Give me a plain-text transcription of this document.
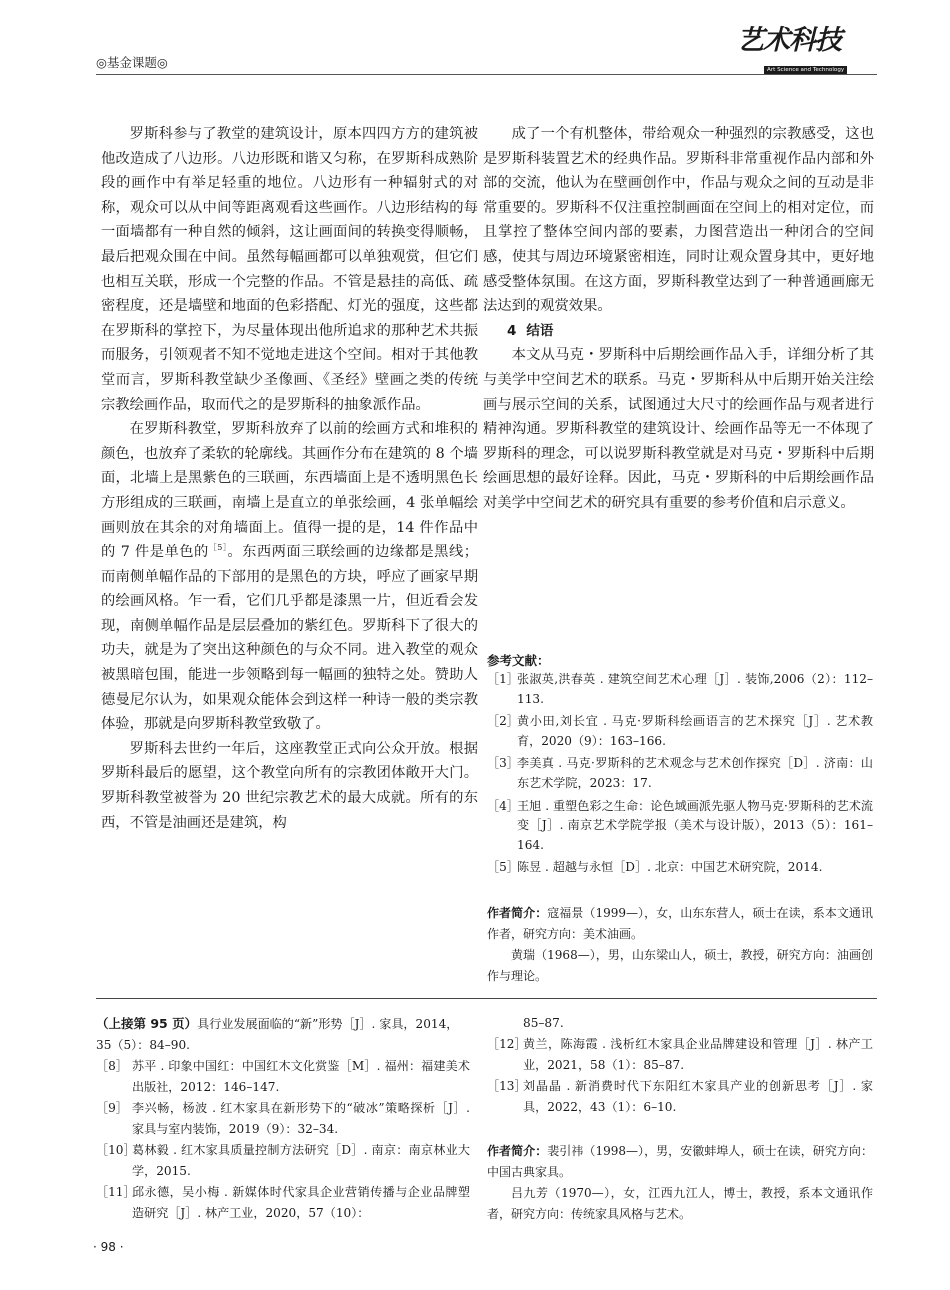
◎基金课题◎
艺术科技
Art Science and Technology

罗斯科参与了教堂的建筑设计，原本四四方方的建筑被他改造成了八边形。八边形既和谐又匀称，在罗斯科成熟阶段的画作中有举足轻重的地位。八边形有一种辐射式的对称，观众可以从中间等距离观看这些画作。八边形结构的每一面墙都有一种自然的倾斜，这让画面间的转换变得顺畅，最后把观众围在中间。虽然每幅画都可以单独观赏，但它们也相互关联，形成一个完整的作品。不管是悬挂的高低、疏密程度，还是墙壁和地面的色彩搭配、灯光的强度，这些都在罗斯科的掌控下，为尽量体现出他所追求的那种艺术共振而服务，引领观者不知不觉地走进这个空间。相对于其他教堂而言，罗斯科教堂缺少圣像画、《圣经》壁画之类的传统宗教绘画作品，取而代之的是罗斯科的抽象派作品。

在罗斯科教堂，罗斯科放弃了以前的绘画方式和堆积的颜色，也放弃了柔软的轮廓线。其画作分布在建筑的 8 个墙面，北墙上是黑紫色的三联画，东西墙面上是不透明黑色长方形组成的三联画，南墙上是直立的单张绘画，4 张单幅绘画则放在其余的对角墙面上。值得一提的是，14 件作品中的 7 件是单色的$^{[5]}$。东西两面三联绘画的边缘都是黑线；而南侧单幅作品的下部用的是黑色的方块，呼应了画家早期的绘画风格。乍一看，它们几乎都是漆黑一片，但近看会发现，南侧单幅作品是层层叠加的紫红色。罗斯科下了很大的功夫，就是为了突出这种颜色的与众不同。进入教堂的观众被黑暗包围，能进一步领略到每一幅画的独特之处。赞助人德曼尼尔认为，如果观众能体会到这样一种诗一般的类宗教体验，那就是向罗斯科教堂致敬了。

罗斯科去世约一年后，这座教堂正式向公众开放。根据罗斯科最后的愿望，这个教堂向所有的宗教团体敞开大门。罗斯科教堂被誉为 20 世纪宗教艺术的最大成就。所有的东西，不管是油画还是建筑，构

成了一个有机整体，带给观众一种强烈的宗教感受，这也是罗斯科装置艺术的经典作品。罗斯科非常重视作品内部和外部的交流，他认为在壁画创作中，作品与观众之间的互动是非常重要的。罗斯科不仅注重控制画面在空间上的相对定位，而且掌控了整体空间内部的要素，力图营造出一种闭合的空间感，使其与周边环境紧密相连，同时让观众置身其中，更好地感受整体氛围。在这方面，罗斯科教堂达到了一种普通画廊无法达到的观赏效果。

4 结语

本文从马克・罗斯科中后期绘画作品入手，详细分析了其与美学中空间艺术的联系。马克・罗斯科从中后期开始关注绘画与展示空间的关系，试图通过大尺寸的绘画作品与观者进行精神沟通。罗斯科教堂的建筑设计、绘画作品等无一不体现了罗斯科的理念，可以说罗斯科教堂就是对马克・罗斯科中后期绘画思想的最好诠释。因此，马克・罗斯科的中后期绘画作品对美学中空间艺术的研究具有重要的参考价值和启示意义。

参考文献：
［1］
张淑英,洪春英 . 建筑空间艺术心理［J］. 装饰,2006（2）：112–113.
［2］
黄小田,刘长宜 . 马克·罗斯科绘画语言的艺术探究［J］. 艺术教育，2020（9）：163–166.
［3］
李美真 . 马克·罗斯科的艺术观念与艺术创作探究［D］. 济南：山东艺术学院，2023：17.
［4］
王旭 . 重塑色彩之生命：论色域画派先驱人物马克·罗斯科的艺术流变［J］. 南京艺术学院学报（美术与设计版），2013（5）：161–164.
［5］
陈昱 . 超越与永恒［D］. 北京：中国艺术研究院，2014.

作者简介：寇福景（1999—），女，山东东营人，硕士在读，系本文通讯作者，研究方向：美术油画。

黄瑞（1968—），男，山东梁山人，硕士，教授，研究方向：油画创作与理论。

（上接第 95 页）具行业发展面临的“新”形势［J］. 家具，2014，35（5）：84–90.
［8］ 苏平 . 印象中国红：中国红木文化赏鉴［M］. 福州：福建美术出版社，2012：146–147.
［9］ 李兴畅，杨波 . 红木家具在新形势下的“破冰”策略探析［J］. 家具与室内装饰，2019（9）：32–34.
［10］
葛林毅 . 红木家具质量控制方法研究［D］. 南京：南京林业大学，2015.
［11］
邱永德，吴小梅 . 新媒体时代家具企业营销传播与企业品牌塑造研究［J］. 林产工业，2020，57（10）：
85–87.
［12］
黄兰，陈海霞 . 浅析红木家具企业品牌建设和管理［J］. 林产工业，2021，58（1）：85–87.
［13］
刘晶晶 . 新消费时代下东阳红木家具产业的创新思考［J］. 家具，2022，43（1）：6–10.

作者简介：裴引祎（1998—），男，安徽蚌埠人，硕士在读，研究方向：中国古典家具。

吕九芳（1970—），女，江西九江人，博士，教授，系本文通讯作者，研究方向：传统家具风格与艺术。

· 98 ·
